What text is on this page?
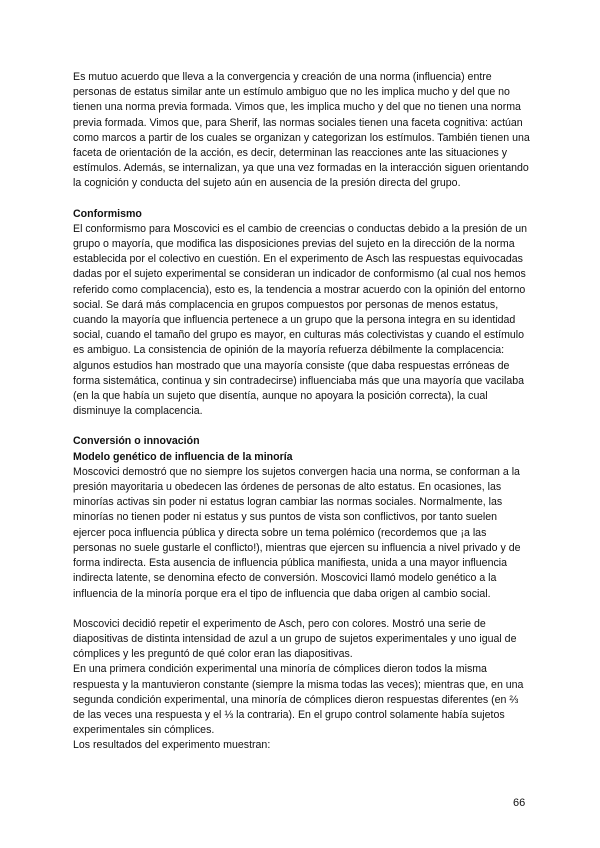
Es mutuo acuerdo que lleva a la convergencia y creación de una norma (influencia) entre personas de estatus similar ante un estímulo ambiguo que no les implica mucho y del que no tienen una norma previa formada. Vimos que, les implica mucho y del que no tienen una norma previa formada. Vimos que, para Sherif, las normas sociales tienen una faceta cognitiva: actúan como marcos a partir de los cuales se organizan y categorizan los estímulos. También tienen una faceta de orientación de la acción, es decir, determinan las reacciones ante las situaciones y estímulos. Además, se internalizan, ya que una vez formadas en la interacción siguen orientando la cognición y conducta del sujeto aún en ausencia de la presión directa del grupo.

Conformismo

El conformismo para Moscovici es el cambio de creencias o conductas debido a la presión de un grupo o mayoría, que modifica las disposiciones previas del sujeto en la dirección de la norma establecida por el colectivo en cuestión. En el experimento de Asch las respuestas equivocadas dadas por el sujeto experimental se consideran un indicador de conformismo (al cual nos hemos referido como complacencia), esto es, la tendencia a mostrar acuerdo con la opinión del entorno social. Se dará más complacencia en grupos compuestos por personas de menos estatus, cuando la mayoría que influencia pertenece a un grupo que la persona integra en su identidad social, cuando el tamaño del grupo es mayor, en culturas más colectivistas y cuando el estímulo es ambiguo. La consistencia de opinión de la mayoría refuerza débilmente la complacencia: algunos estudios han mostrado que una mayoría consiste (que daba respuestas erróneas de forma sistemática, continua y sin contradecirse) influenciaba más que una mayoría que vacilaba (en la que había un sujeto que disentía, aunque no apoyara la posición correcta), la cual disminuye la complacencia.

Conversión o innovación

Modelo genético de influencia de la minoría

Moscovici demostró que no siempre los sujetos convergen hacia una norma, se conforman a la presión mayoritaria u obedecen las órdenes de personas de alto estatus. En ocasiones, las minorías activas sin poder ni estatus logran cambiar las normas sociales. Normalmente, las minorías no tienen poder ni estatus y sus puntos de vista son conflictivos, por tanto suelen ejercer poca influencia pública y directa sobre un tema polémico (recordemos que ¡a las personas no suele gustarle el conflicto!), mientras que ejercen su influencia a nivel privado y de forma indirecta. Esta ausencia de influencia pública manifiesta, unida a una mayor influencia indirecta latente, se denomina efecto de conversión. Moscovici llamó modelo genético a la influencia de la minoría porque era el tipo de influencia que daba origen al cambio social.

Moscovici decidió repetir el experimento de Asch, pero con colores. Mostró una serie de diapositivas de distinta intensidad de azul a un grupo de sujetos experimentales y uno igual de cómplices y les preguntó de qué color eran las diapositivas.

En una primera condición experimental una minoría de cómplices dieron todos la misma respuesta y la mantuvieron constante (siempre la misma todas las veces); mientras que, en una segunda condición experimental, una minoría de cómplices dieron respuestas diferentes (en ⅔ de las veces una respuesta y el ⅓ la contraria). En el grupo control solamente había sujetos experimentales sin cómplices.

Los resultados del experimento muestran:

66
